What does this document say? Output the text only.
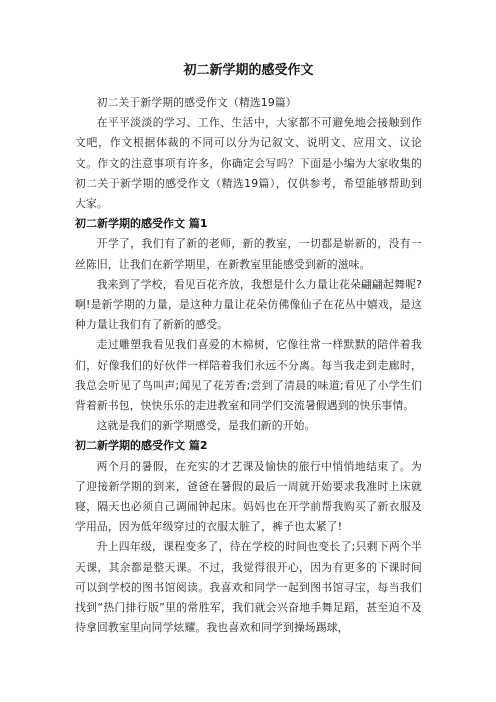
初二新学期的感受作文

初二关于新学期的感受作文（精选19篇）

在平平淡淡的学习、工作、生活中，大家都不可避免地会接触到作文吧，作文根据体裁的不同可以分为记叙文、说明文、应用文、议论文。作文的注意事项有许多，你确定会写吗？下面是小编为大家收集的初二关于新学期的感受作文（精选19篇），仅供参考，希望能够帮助到大家。

初二新学期的感受作文 篇1

开学了，我们有了新的老师，新的教室，一切都是崭新的，没有一丝陈旧，让我们在新学期里，在新教室里能感受到新的滋味。

我来到了学校，看见百花齐放，我想是什么力量让花朵翩翩起舞呢?啊!是新学期的力量，是这种力量让花朵仿佛像仙子在花丛中嬉戏，是这种力量让我们有了新新的感受。

走过雕塑我看见我们喜爱的木棉树，它像往常一样默默的陪伴着我们，好像我们的好伙伴一样陪着我们永远不分离。每当我走到走廊时，我总会听见了鸟叫声;闻见了花芳香;尝到了清晨的味道;看见了小学生们背着新书包，快快乐乐的走进教室和同学们交流暑假遇到的快乐事情。

这就是我们的新学期感受，是我们新的开始。

初二新学期的感受作文 篇2

两个月的暑假，在充实的才艺课及愉快的旅行中悄悄地结束了。为了迎接新学期的到来，爸爸在暑假的最后一周就开始要求我准时上床就寝，隔天也必须自己调闹钟起床。妈妈也在开学前帮我购买了新衣服及学用品，因为低年级穿过的衣服太脏了，裤子也太紧了!

升上四年级，课程变多了，待在学校的时间也变长了;只剩下两个半天课，其余都是整天课。不过，我觉得很开心，因为有更多的下课时间可以到学校的图书馆阅读。我喜欢和同学一起到图书馆寻宝，每当我们找到“热门排行版”里的常胜军，我们就会兴奋地手舞足蹈，甚至迫不及待拿回教室里向同学炫耀。我也喜欢和同学到操场踢球，
